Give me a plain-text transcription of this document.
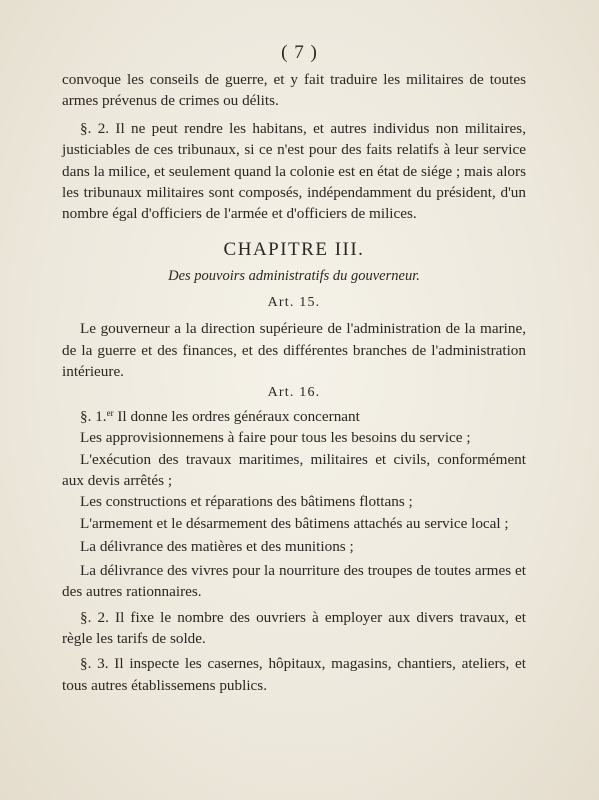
( 7 )

convoque les conseils de guerre, et y fait traduire les militaires de toutes armes prévenus de crimes ou délits.

§. 2. Il ne peut rendre les habitans, et autres individus non militaires, justiciables de ces tribunaux, si ce n'est pour des faits relatifs à leur service dans la milice, et seulement quand la colonie est en état de siége ; mais alors les tribunaux militaires sont composés, indépendamment du président, d'un nombre égal d'officiers de l'armée et d'officiers de milices.

CHAPITRE III.

Des pouvoirs administratifs du gouverneur.

Art. 15.

Le gouverneur a la direction supérieure de l'administration de la marine, de la guerre et des finances, et des différentes branches de l'administration intérieure.

Art. 16.

§. 1.$^{er}$ Il donne les ordres généraux concernant

Les approvisionnemens à faire pour tous les besoins du service ;

L'exécution des travaux maritimes, militaires et civils, conformément aux devis arrêtés ;

Les constructions et réparations des bâtimens flottans ;

L'armement et le désarmement des bâtimens attachés au service local ;

La délivrance des matières et des munitions ;

La délivrance des vivres pour la nourriture des troupes de toutes armes et des autres rationnaires.

§. 2. Il fixe le nombre des ouvriers à employer aux divers travaux, et règle les tarifs de solde.

§. 3. Il inspecte les casernes, hôpitaux, magasins, chantiers, ateliers, et tous autres établissemens publics.
